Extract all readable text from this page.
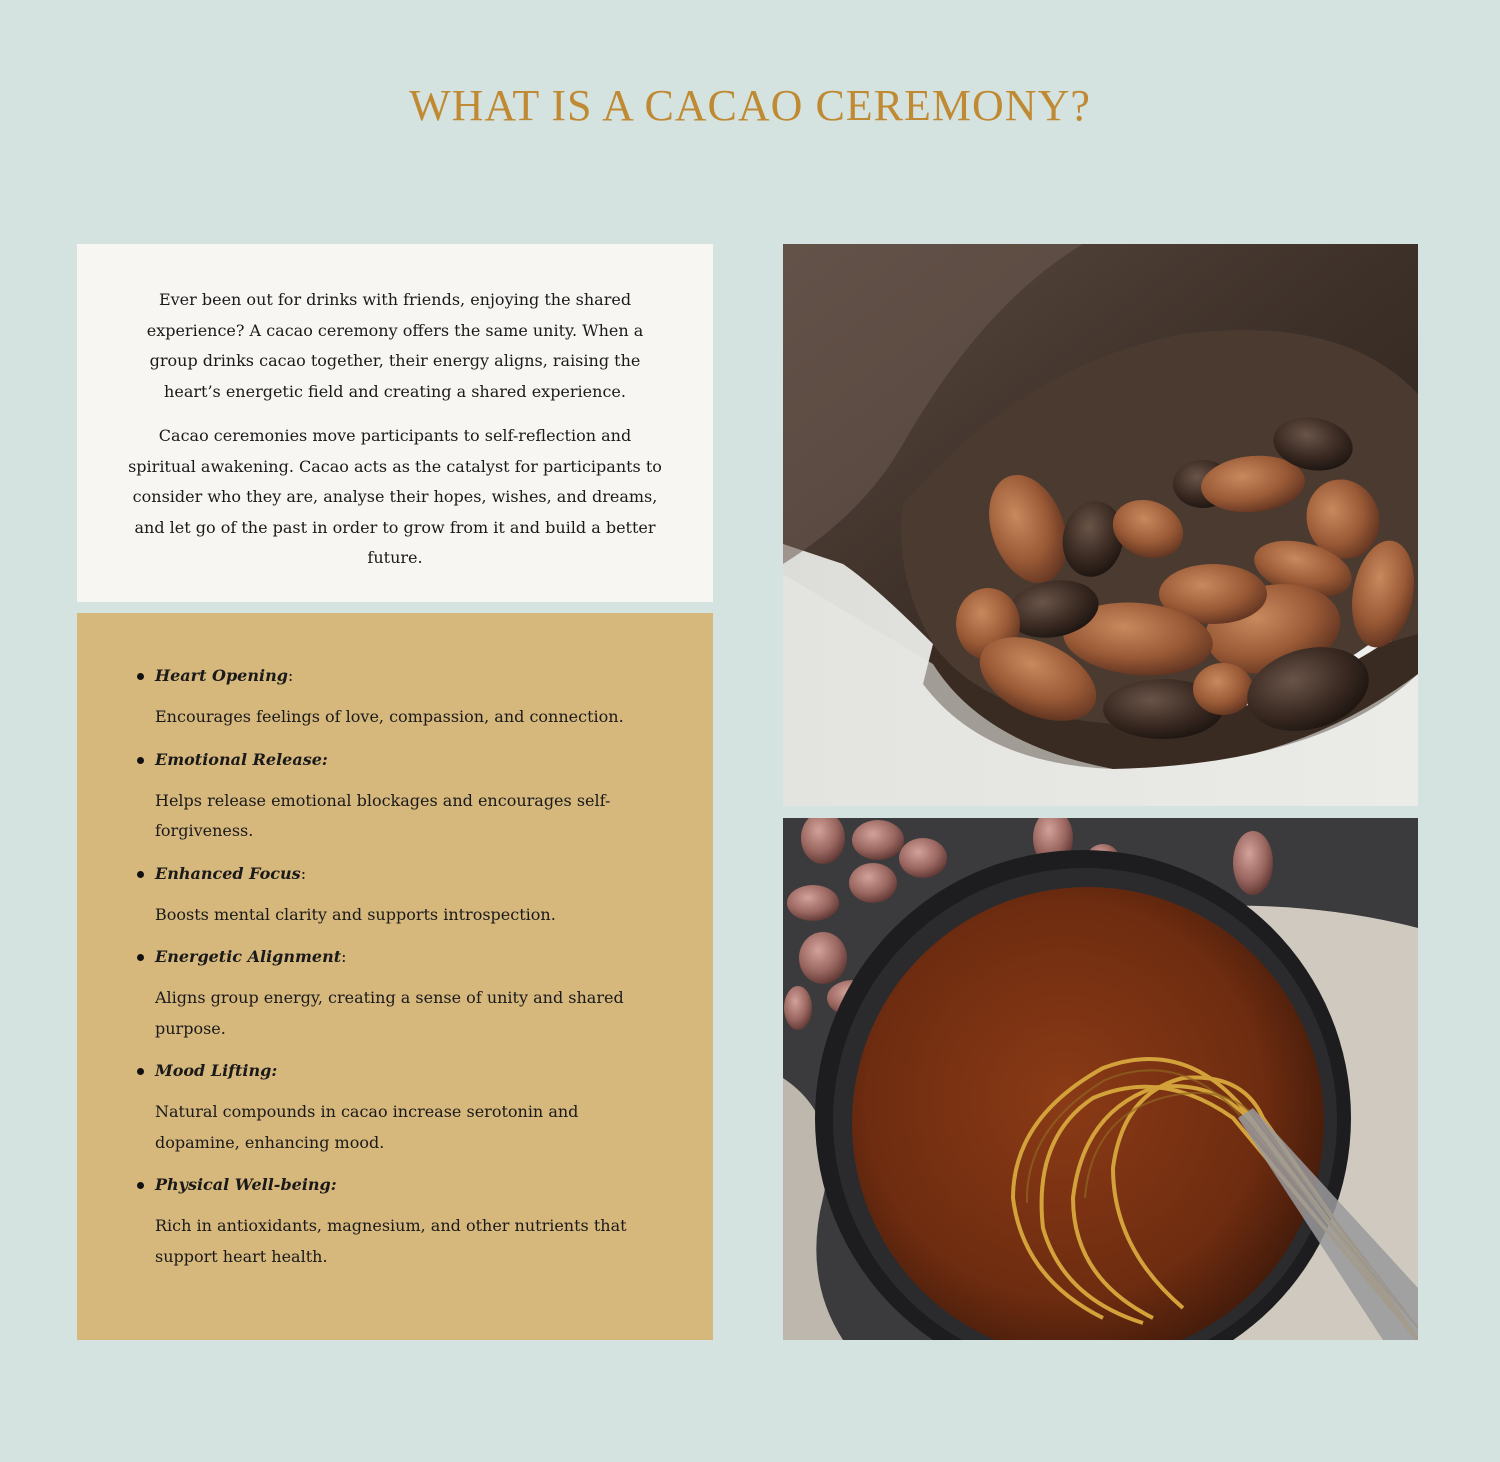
WHAT IS A CACAO CEREMONY?

Ever been out for drinks with friends, enjoying the shared experience? A cacao ceremony offers the same unity. When a group drinks cacao together, their energy aligns, raising the heart’s energetic field and creating a shared experience.

Cacao ceremonies move participants to self-reflection and spiritual awakening. Cacao acts as the catalyst for participants to consider who they are, analyse their hopes, wishes, and dreams, and let go of the past in order to grow from it and build a better future.

Heart Opening:

Encourages feelings of love, compassion, and connection.

Emotional Release:

Helps release emotional blockages and encourages self-forgiveness.

Enhanced Focus:

Boosts mental clarity and supports introspection.

Energetic Alignment:

Aligns group energy, creating a sense of unity and shared purpose.

Mood Lifting:

Natural compounds in cacao increase serotonin and dopamine, enhancing mood.

Physical Well-being:

Rich in antioxidants, magnesium, and other nutrients that support heart health.
